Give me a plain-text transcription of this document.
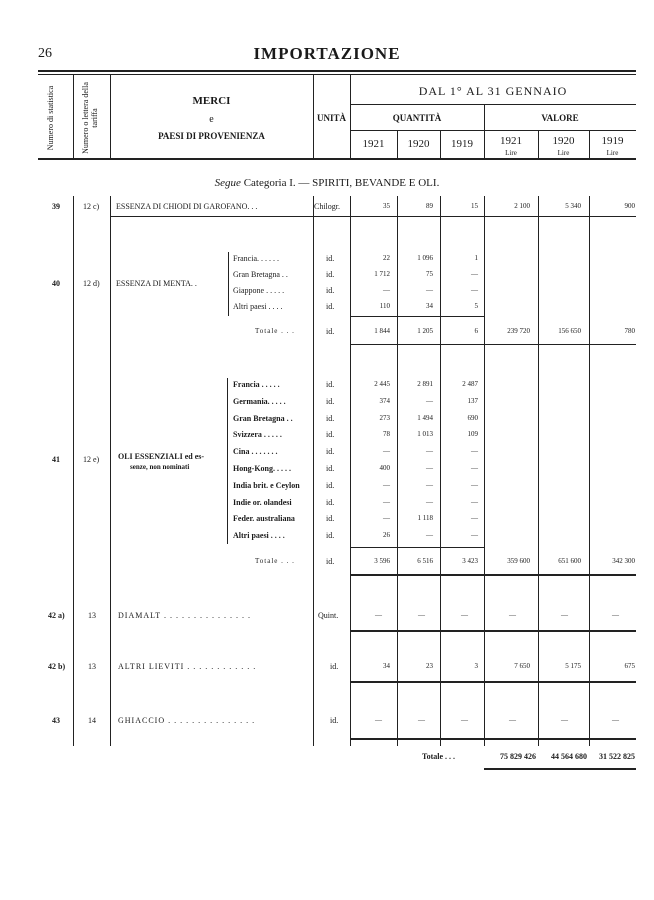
26	IMPORTAZIONE
Numero di statistica	Numero o lettera della tariffa
MERCI
e
PAESI DI PROVENIENZA
UNITÀ
DAL 1° AL 31 GENNAIO
QUANTITÀ	VALORE
1921	1920	1919	1921	1920	1919
Lire	Lire	Lire
Segue Categoria I. — SPIRITI, BEVANDE E OLI.
39	12 c) ESSENZA DI CHIODI DI GAROFANO. . .	Chilogr.	35	89	15	2 100	5 340	900
40	12 d) ESSENZA DI MENTA. .
Francia. . . . . .	id.	22	1 096	1
Gran Bretagna . .	id.	1 712	75	—
Giappone . . . . .	id.	—	—	—
Altri paesi . . . .	id.	110	34	5
Totale . . .	id.	1 844	1 205	6	239 720	156 650	780
41	12 e) OLI ESSENZIALI ed es-
senze, non nominati
Francia . . . . .	id.	2 445	2 891	2 487
Germania. . . . .	id.	374	—	137
Gran Bretagna . .	id.	273	1 494	690
Svizzera . . . . .	id.	78	1 013	109
Cina . . . . . . .	id.	—	—	—
Hong-Kong. . . . .	id.	400	—	—
India brit. e Ceylon	id.	—	—	—
Indie or. olandesi	id.	—	—	—
Feder. australiana	id.	—	1 118	—
Altri paesi . . . .	id.	26	—	—
Totale . . .	id.	3 596	6 516	3 423	359 600	651 600	342 300
42 a)	13	DIAMALT . . . . . . . . . . . . . . .	Quint.	—	—	—	—	—	—
42 b)	13	ALTRI LIEVITI . . . . . . . . . . . .	id.	34	23	3	7 650	5 175	675
43	14	GHIACCIO . . . . . . . . . . . . . . .	id.	—	—	—	—	—	—
Totale . . .	75 829 426	44 564 680	31 522 825
